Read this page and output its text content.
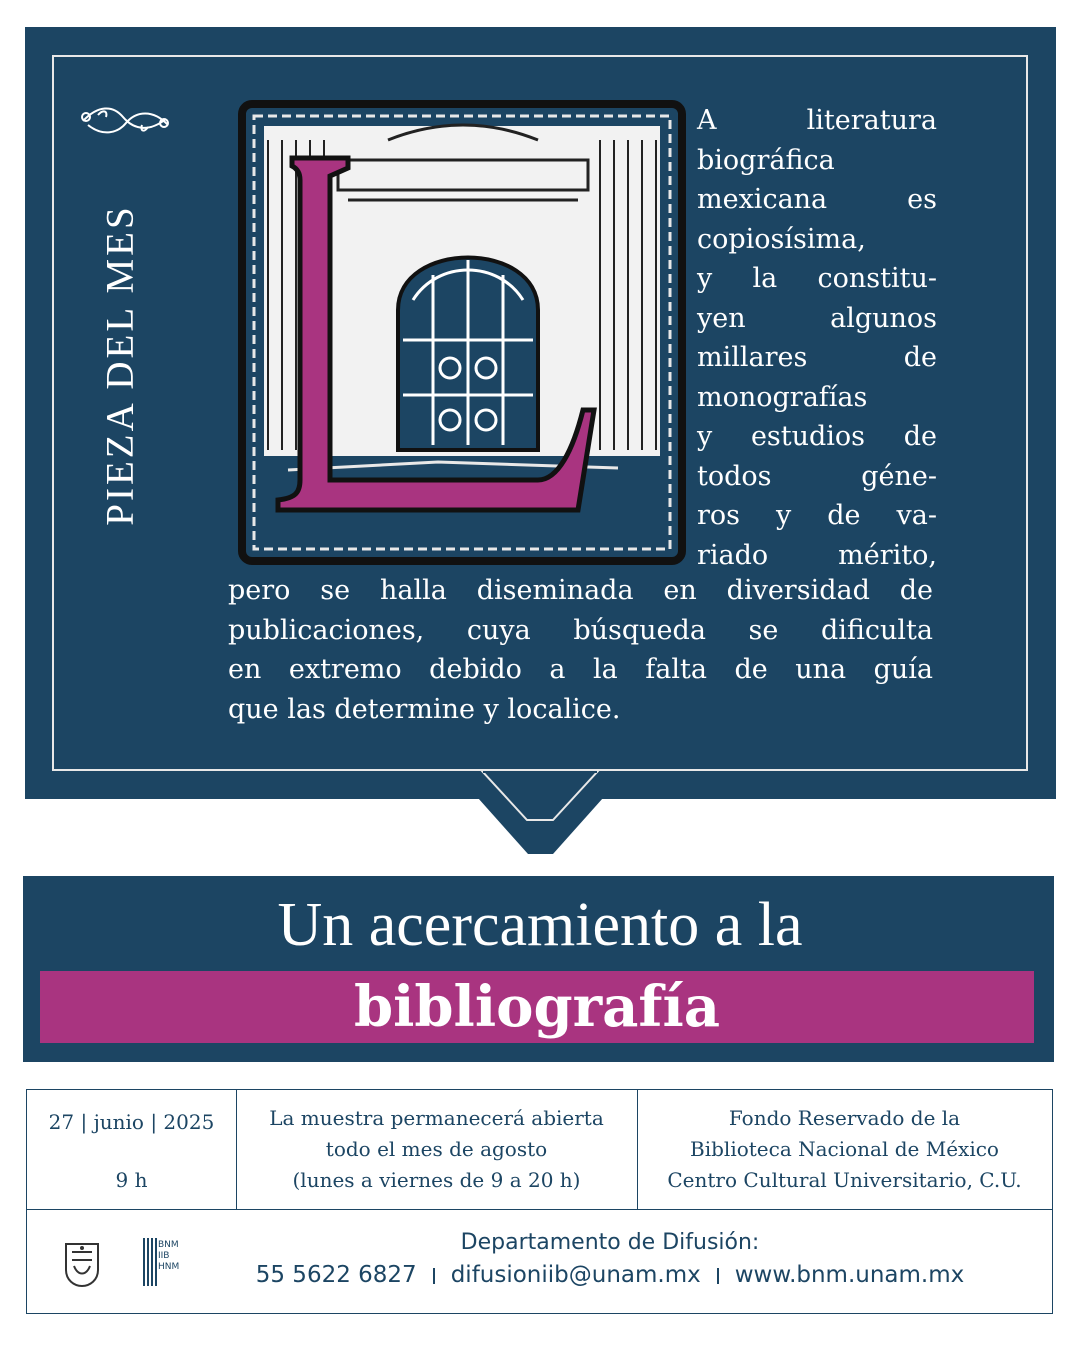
PIEZA DEL MES
L
A literatura
biográfica
mexicana es
copiosísima,
y la constitu-
yen algunos
millares de
monografías
y estudios de
todos géne-
ros y de va-
riado mérito,
pero se halla diseminada en diversidad de
publicaciones, cuya búsqueda se dificulta
en extremo debido a la falta de una guía
que las determine y localice.
Un acercamiento a la
bibliografía
27 | junio | 2025
9 h
La muestra permanecerá abierta
todo el mes de agosto
(lunes a viernes de 9 a 20 h)
Fondo Reservado de la
Biblioteca Nacional de México
Centro Cultural Universitario, C.U.
BNM
IIB
HNM
Departamento de Difusión:
55 5622 6827 difusioniib@unam.mx www.bnm.unam.mx
